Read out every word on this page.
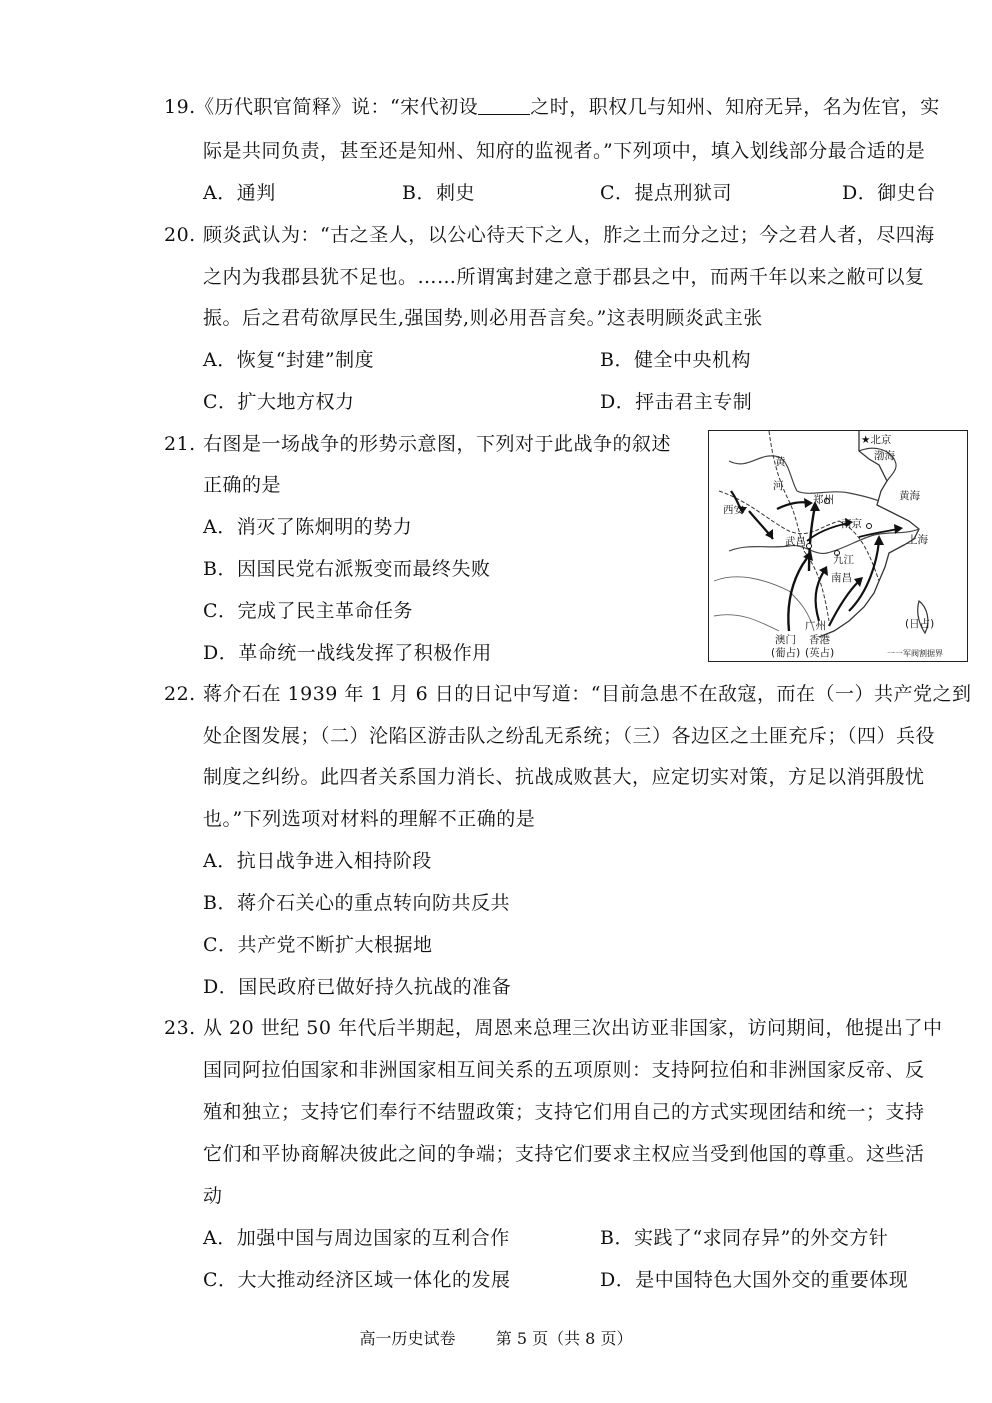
19. 《历代职官简释》说：“宋代初设	之时，职权几与知州、知府无异，名为佐官，实
际是共同负责，甚至还是知州、知府的监视者。”下列项中，填入划线部分最合适的是
A．通判	B．刺史	C．提点刑狱司	D．御史台
20. 顾炎武认为：“古之圣人，以公心待天下之人，胙之土而分之过；今之君人者，尽四海
之内为我郡县犹不足也。……所谓寓封建之意于郡县之中，而两千年以来之敝可以复
振。后之君苟欲厚民生,强国势,则必用吾言矣。”这表明顾炎武主张
A．恢复“封建”制度	B．健全中央机构
C．扩大地方权力	D．抨击君主专制
21. 右图是一场战争的形势示意图，下列对于此战争的叙述
正确的是
A．消灭了陈炯明的势力
B．因国民党右派叛变而最终失败
C．完成了民主革命任务
D．革命统一战线发挥了积极作用
★北京
渤海
黄
河
郑州
西安
黄海
南京
上海
武昌
九江
南昌
广州
澳门 香港
(葡占) (英占)
(日占)
一一军阀割据界
22. 蒋介石在 1939 年 1 月 6 日的日记中写道：“目前急患不在敌寇，而在（一）共产党之到
处企图发展；（二）沦陷区游击队之纷乱无系统；（三）各边区之土匪充斥；（四）兵役
制度之纠纷。此四者关系国力消长、抗战成败甚大，应定切实对策，方足以消弭殷忧
也。”下列选项对材料的理解不正确的是
A．抗日战争进入相持阶段
B．蒋介石关心的重点转向防共反共
C．共产党不断扩大根据地
D．国民政府已做好持久抗战的准备
23. 从 20 世纪 50 年代后半期起，周恩来总理三次出访亚非国家，访问期间，他提出了中
国同阿拉伯国家和非洲国家相互间关系的五项原则：支持阿拉伯和非洲国家反帝、反
殖和独立；支持它们奉行不结盟政策；支持它们用自己的方式实现团结和统一；支持
它们和平协商解决彼此之间的争端；支持它们要求主权应当受到他国的尊重。这些活
动
A．加强中国与周边国家的互利合作	B．实践了“求同存异”的外交方针
C．大大推动经济区域一体化的发展	D．是中国特色大国外交的重要体现
高一历史试卷	第 5 页（共 8 页）
